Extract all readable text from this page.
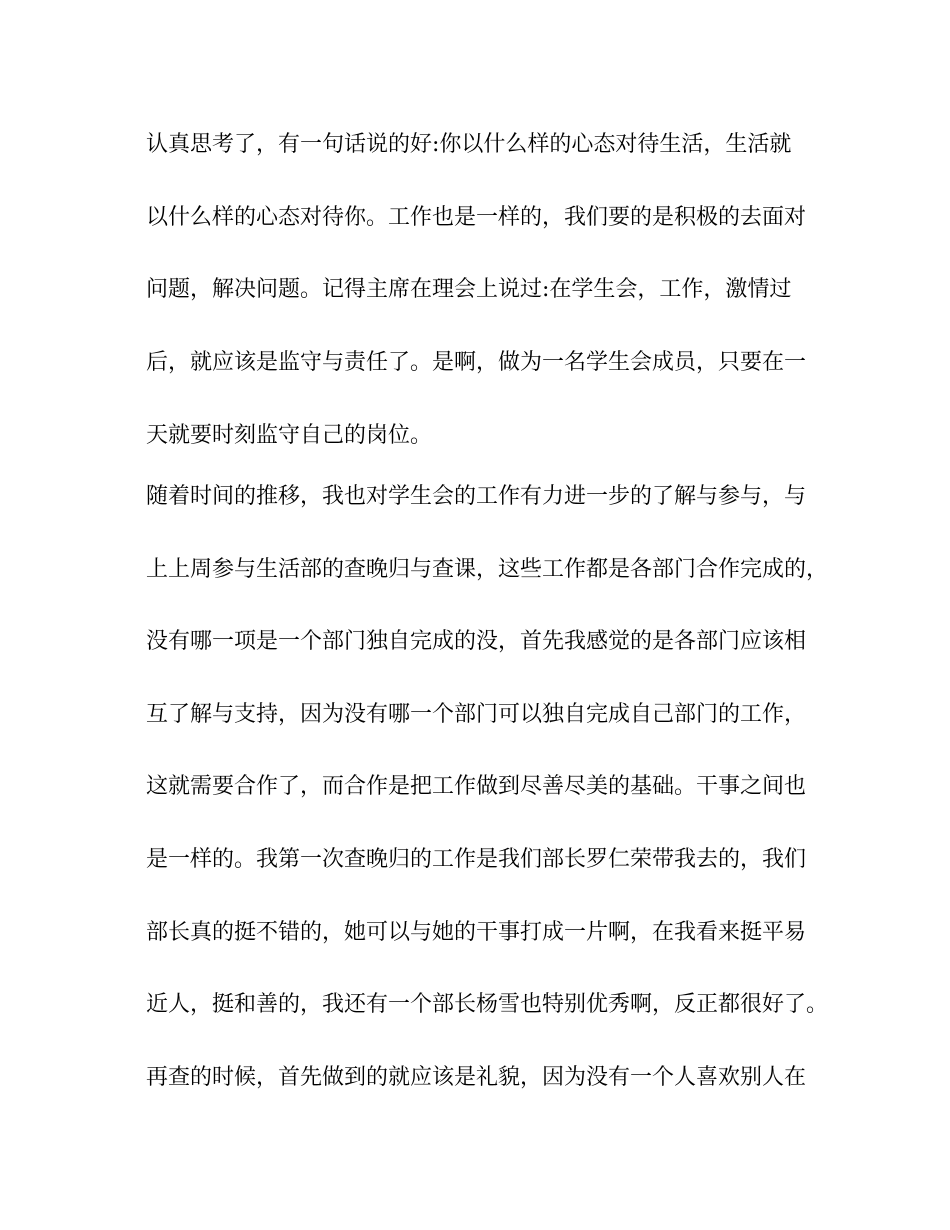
认真思考了，有一句话说的好:你以什么样的心态对待生活，生活就

以什么样的心态对待你。工作也是一样的，我们要的是积极的去面对

问题，解决问题。记得主席在理会上说过:在学生会，工作，激情过

后，就应该是监守与责任了。是啊，做为一名学生会成员，只要在一

天就要时刻监守自己的岗位。

随着时间的推移，我也对学生会的工作有力进一步的了解与参与，与

上上周参与生活部的查晚归与查课，这些工作都是各部门合作完成的，

没有哪一项是一个部门独自完成的没，首先我感觉的是各部门应该相

互了解与支持，因为没有哪一个部门可以独自完成自己部门的工作，

这就需要合作了，而合作是把工作做到尽善尽美的基础。干事之间也

是一样的。我第一次查晚归的工作是我们部长罗仁荣带我去的，我们

部长真的挺不错的，她可以与她的干事打成一片啊，在我看来挺平易

近人，挺和善的，我还有一个部长杨雪也特别优秀啊，反正都很好了。

再查的时候，首先做到的就应该是礼貌，因为没有一个人喜欢别人在
